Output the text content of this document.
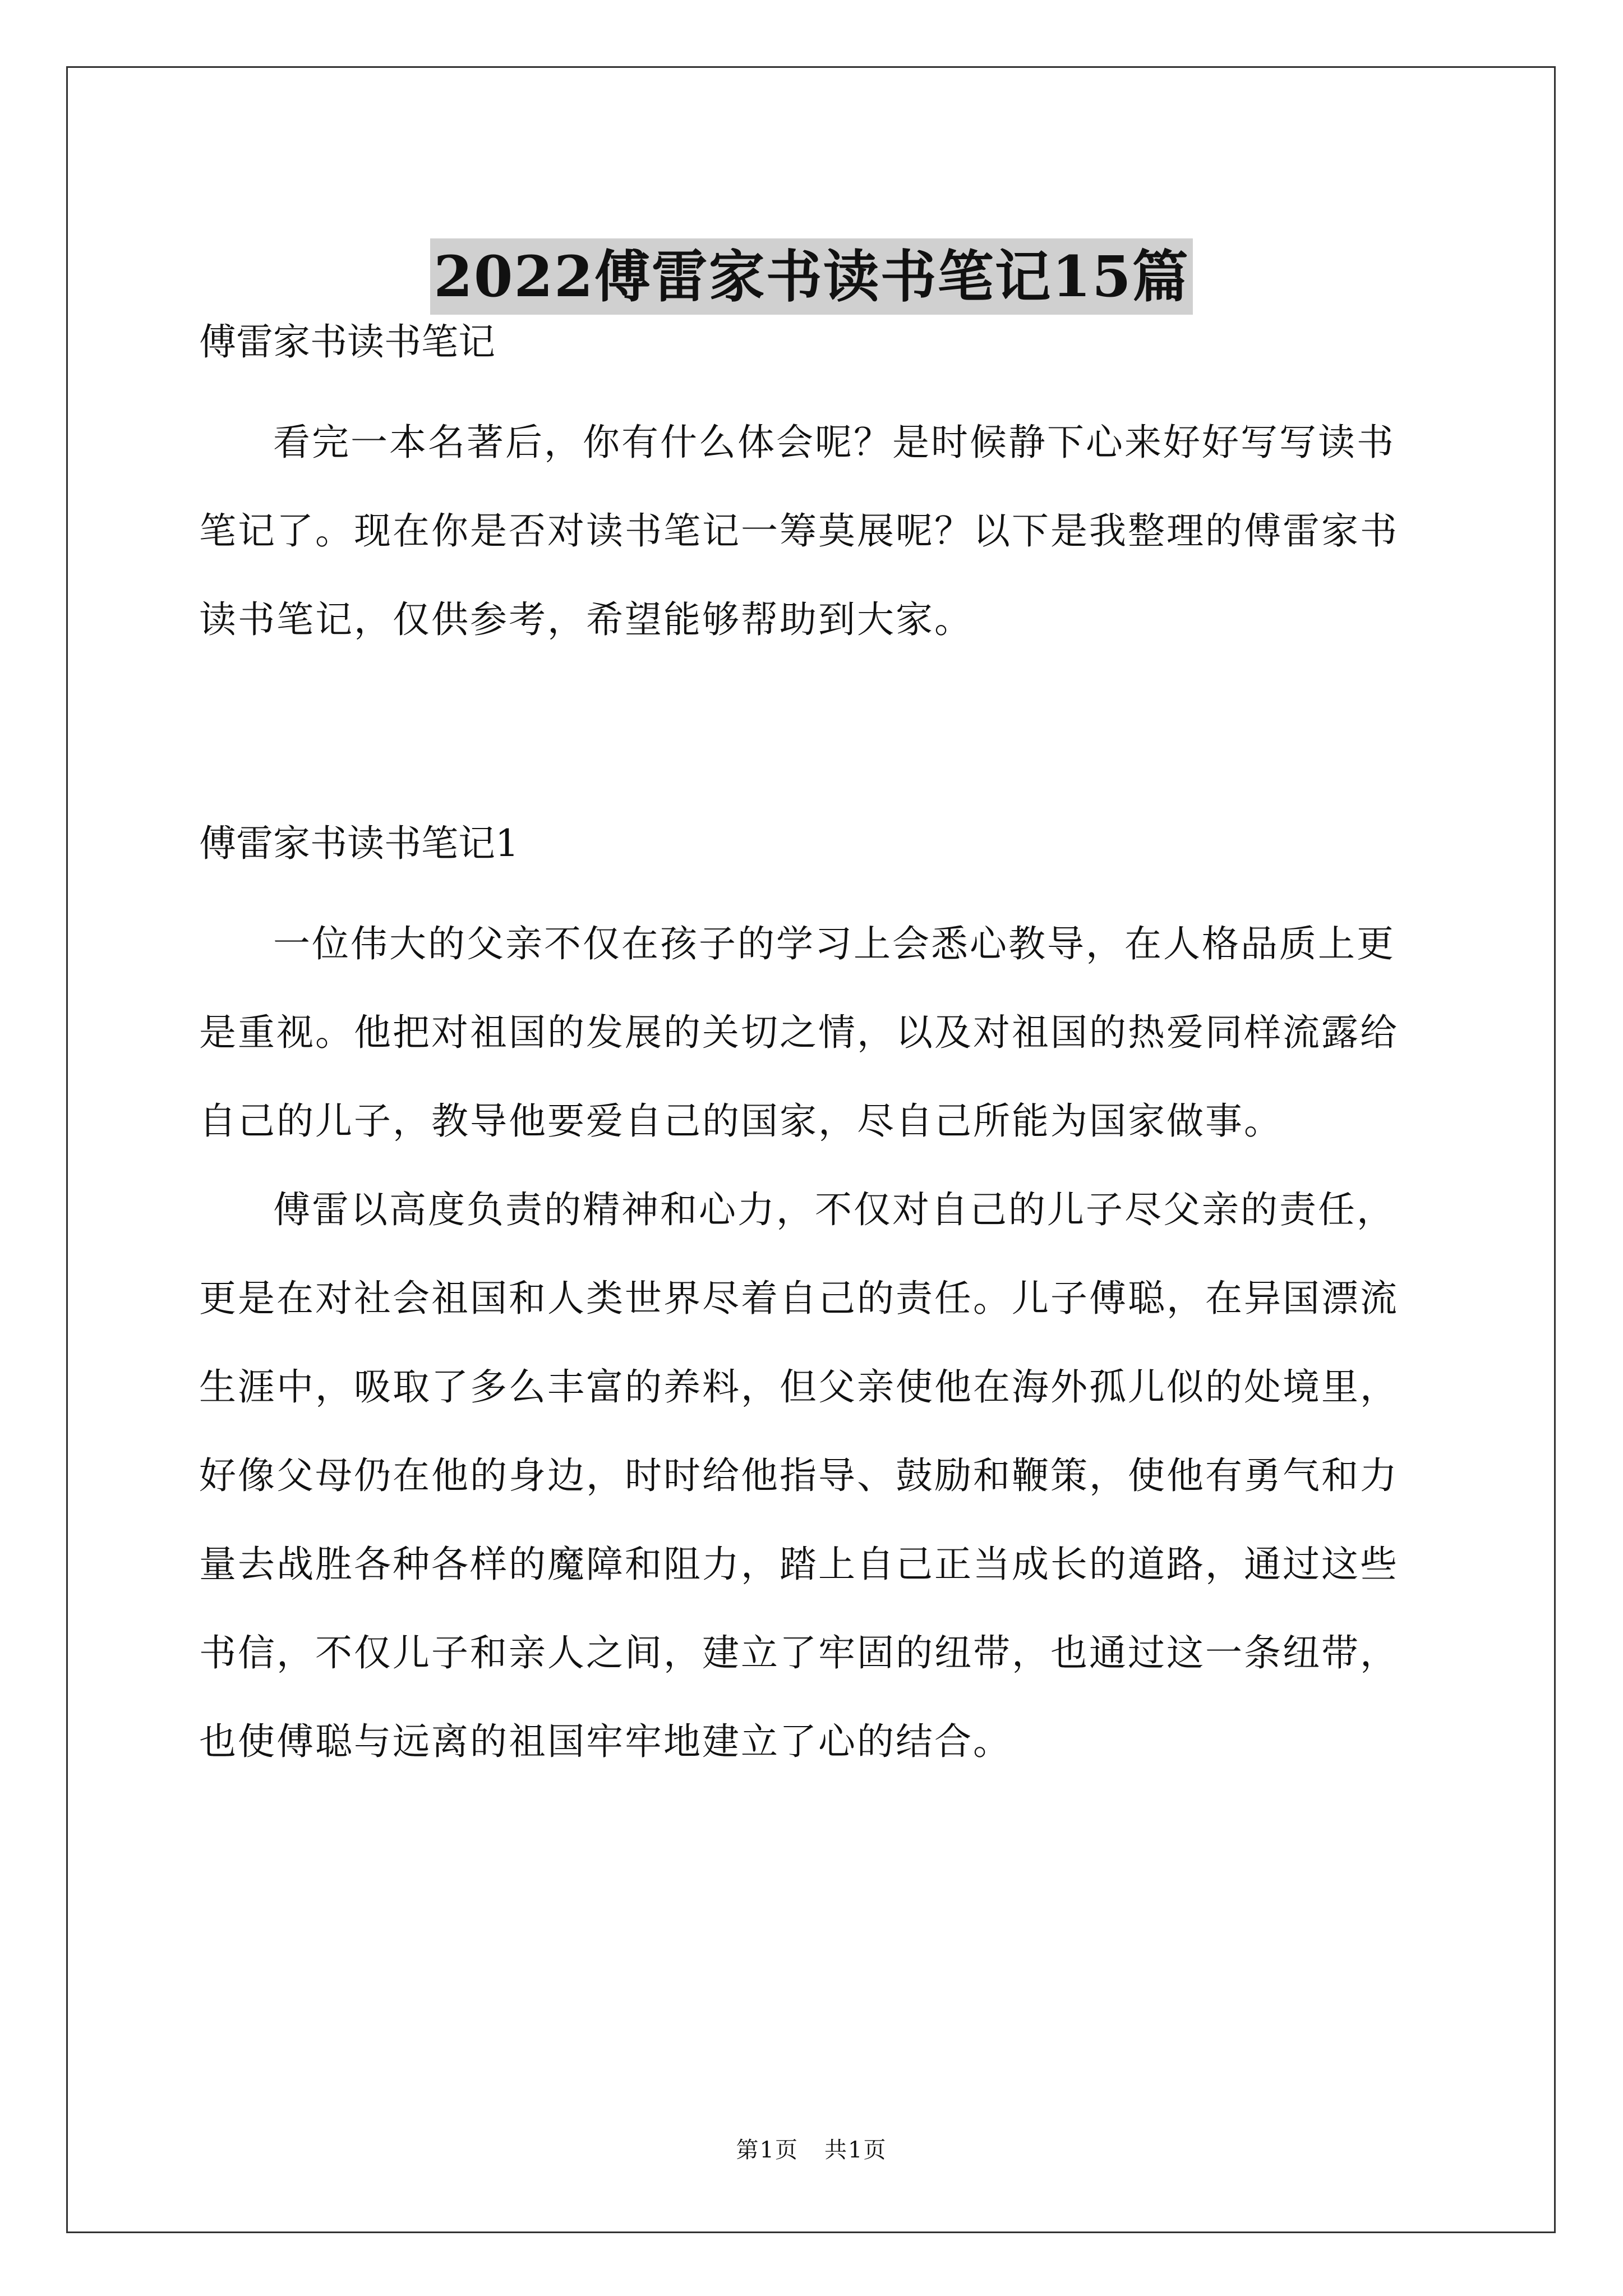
2022傅雷家书读书笔记15篇

傅雷家书读书笔记

看完一本名著后，你有什么体会呢？是时候静下心来好好写写读书笔记了。现在你是否对读书笔记一筹莫展呢？以下是我整理的傅雷家书读书笔记，仅供参考，希望能够帮助到大家。

傅雷家书读书笔记1

一位伟大的父亲不仅在孩子的学习上会悉心教导，在人格品质上更是重视。他把对祖国的发展的关切之情，以及对祖国的热爱同样流露给自己的儿子，教导他要爱自己的国家，尽自己所能为国家做事。

傅雷以高度负责的精神和心力，不仅对自己的儿子尽父亲的责任，更是在对社会祖国和人类世界尽着自己的责任。儿子傅聪，在异国漂流生涯中，吸取了多么丰富的养料，但父亲使他在海外孤儿似的处境里，好像父母仍在他的身边，时时给他指导、鼓励和鞭策，使他有勇气和力量去战胜各种各样的魔障和阻力，踏上自己正当成长的道路，通过这些书信，不仅儿子和亲人之间，建立了牢固的纽带，也通过这一条纽带，也使傅聪与远离的祖国牢牢地建立了心的结合。

第1页 共1页
